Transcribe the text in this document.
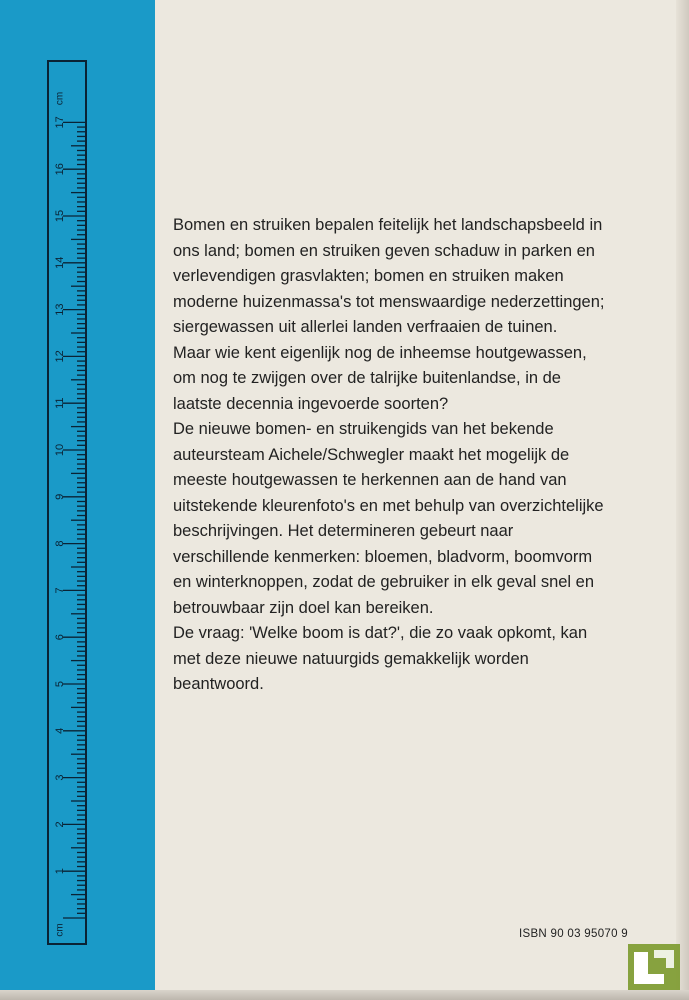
1
2
3
4
5
6
7
8
9
10
11
12
13
14
15
16
17
cm
cm

Bomen en struiken bepalen feitelijk het landschapsbeeld in ons land; bomen en struiken geven schaduw in parken en verlevendigen grasvlakten; bomen en struiken maken moderne huizenmassa's tot menswaardige nederzettingen; siergewassen uit allerlei landen verfraaien de tuinen.

Maar wie kent eigenlijk nog de inheemse houtgewassen, om nog te zwijgen over de talrijke buitenlandse, in de laatste decennia ingevoerde soorten?

De nieuwe bomen- en struikengids van het bekende auteursteam Aichele/Schwegler maakt het mogelijk de meeste houtgewassen te herkennen aan de hand van uitstekende kleurenfoto's en met behulp van overzichtelijke beschrijvingen. Het determineren gebeurt naar verschillende kenmerken: bloemen, bladvorm, boomvorm en winterknoppen, zodat de gebruiker in elk geval snel en betrouwbaar zijn doel kan bereiken.

De vraag: 'Welke boom is dat?', die zo vaak opkomt, kan met deze nieuwe natuurgids gemakkelijk worden beantwoord.

ISBN 90 03 95070 9
